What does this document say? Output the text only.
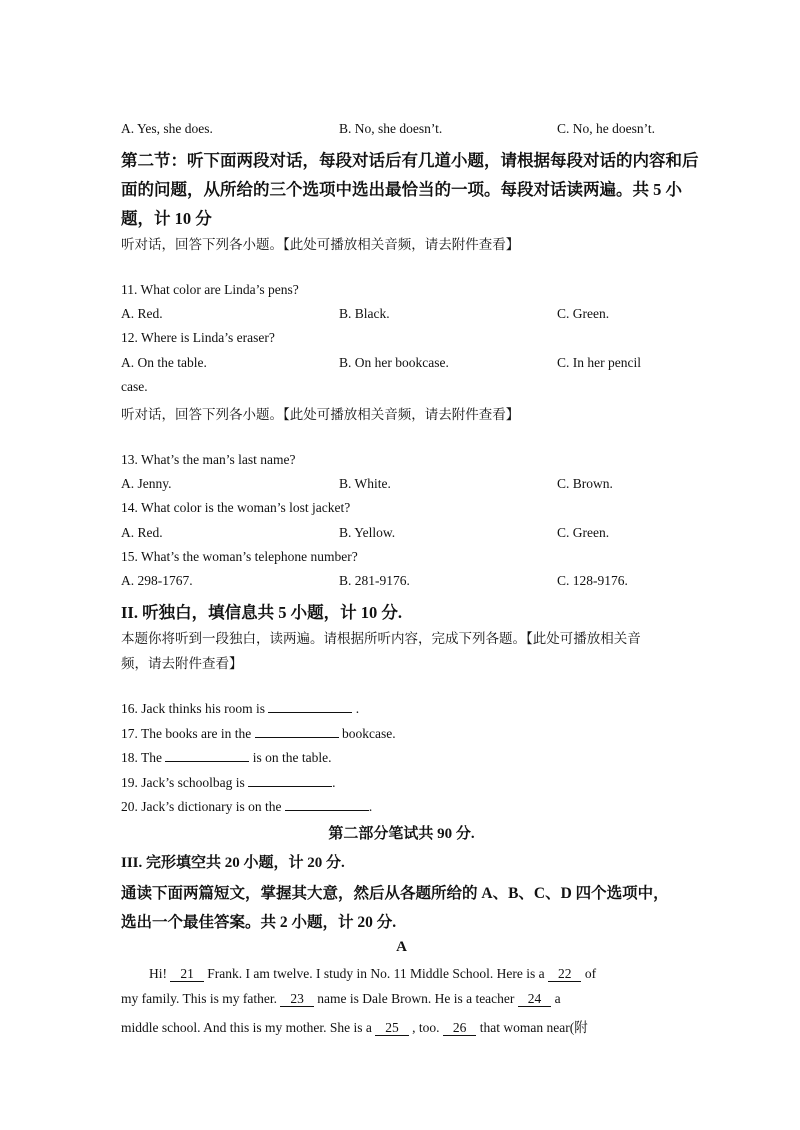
A. Yes, she does.	B. No, she doesn’t.	C. No, he doesn’t.
第二节：听下面两段对话，每段对话后有几道小题，请根据每段对话的内容和后
面的问题，从所给的三个选项中选出最恰当的一项。每段对话读两遍。共 5 小
题，计 10 分
听对话，回答下列各小题。【此处可播放相关音频，请去附件查看】
11. What color are Linda’s pens?
A. Red.	B. Black.	C. Green.
12. Where is Linda’s eraser?
A. On the table.	B. On her bookcase.	C. In her pencil
case.
听对话，回答下列各小题。【此处可播放相关音频，请去附件查看】
13. What’s the man’s last name?
A. Jenny.	B. White.	C. Brown.
14. What color is the woman’s lost jacket?
A. Red.	B. Yellow.	C. Green.
15. What’s the woman’s telephone number?
A. 298-1767.	B. 281-9176.	C. 128-9176.
II. 听独白，填信息共 5 小题，计 10 分.
本题你将听到一段独白，读两遍。请根据所听内容，完成下列各题。【此处可播放相关音
频，请去附件查看】
16. Jack thinks his room is	.
17. The books are in the	bookcase.
18. The	is on the table.
19. Jack’s schoolbag is	.
20. Jack’s dictionary is on the	.
第二部分笔试共 90 分.
III. 完形填空共 20 小题，计 20 分.
通读下面两篇短文，掌握其大意，然后从各题所给的 A、B、C、D 四个选项中，
选出一个最佳答案。共 2 小题，计 20 分.
A
Hi! 21 Frank. I am twelve. I study in No. 11 Middle School. Here is a 22 of
my family. This is my father. 23 name is Dale Brown. He is a teacher 24 a
middle school. And this is my mother. She is a 25 , too. 26 that woman near(附
